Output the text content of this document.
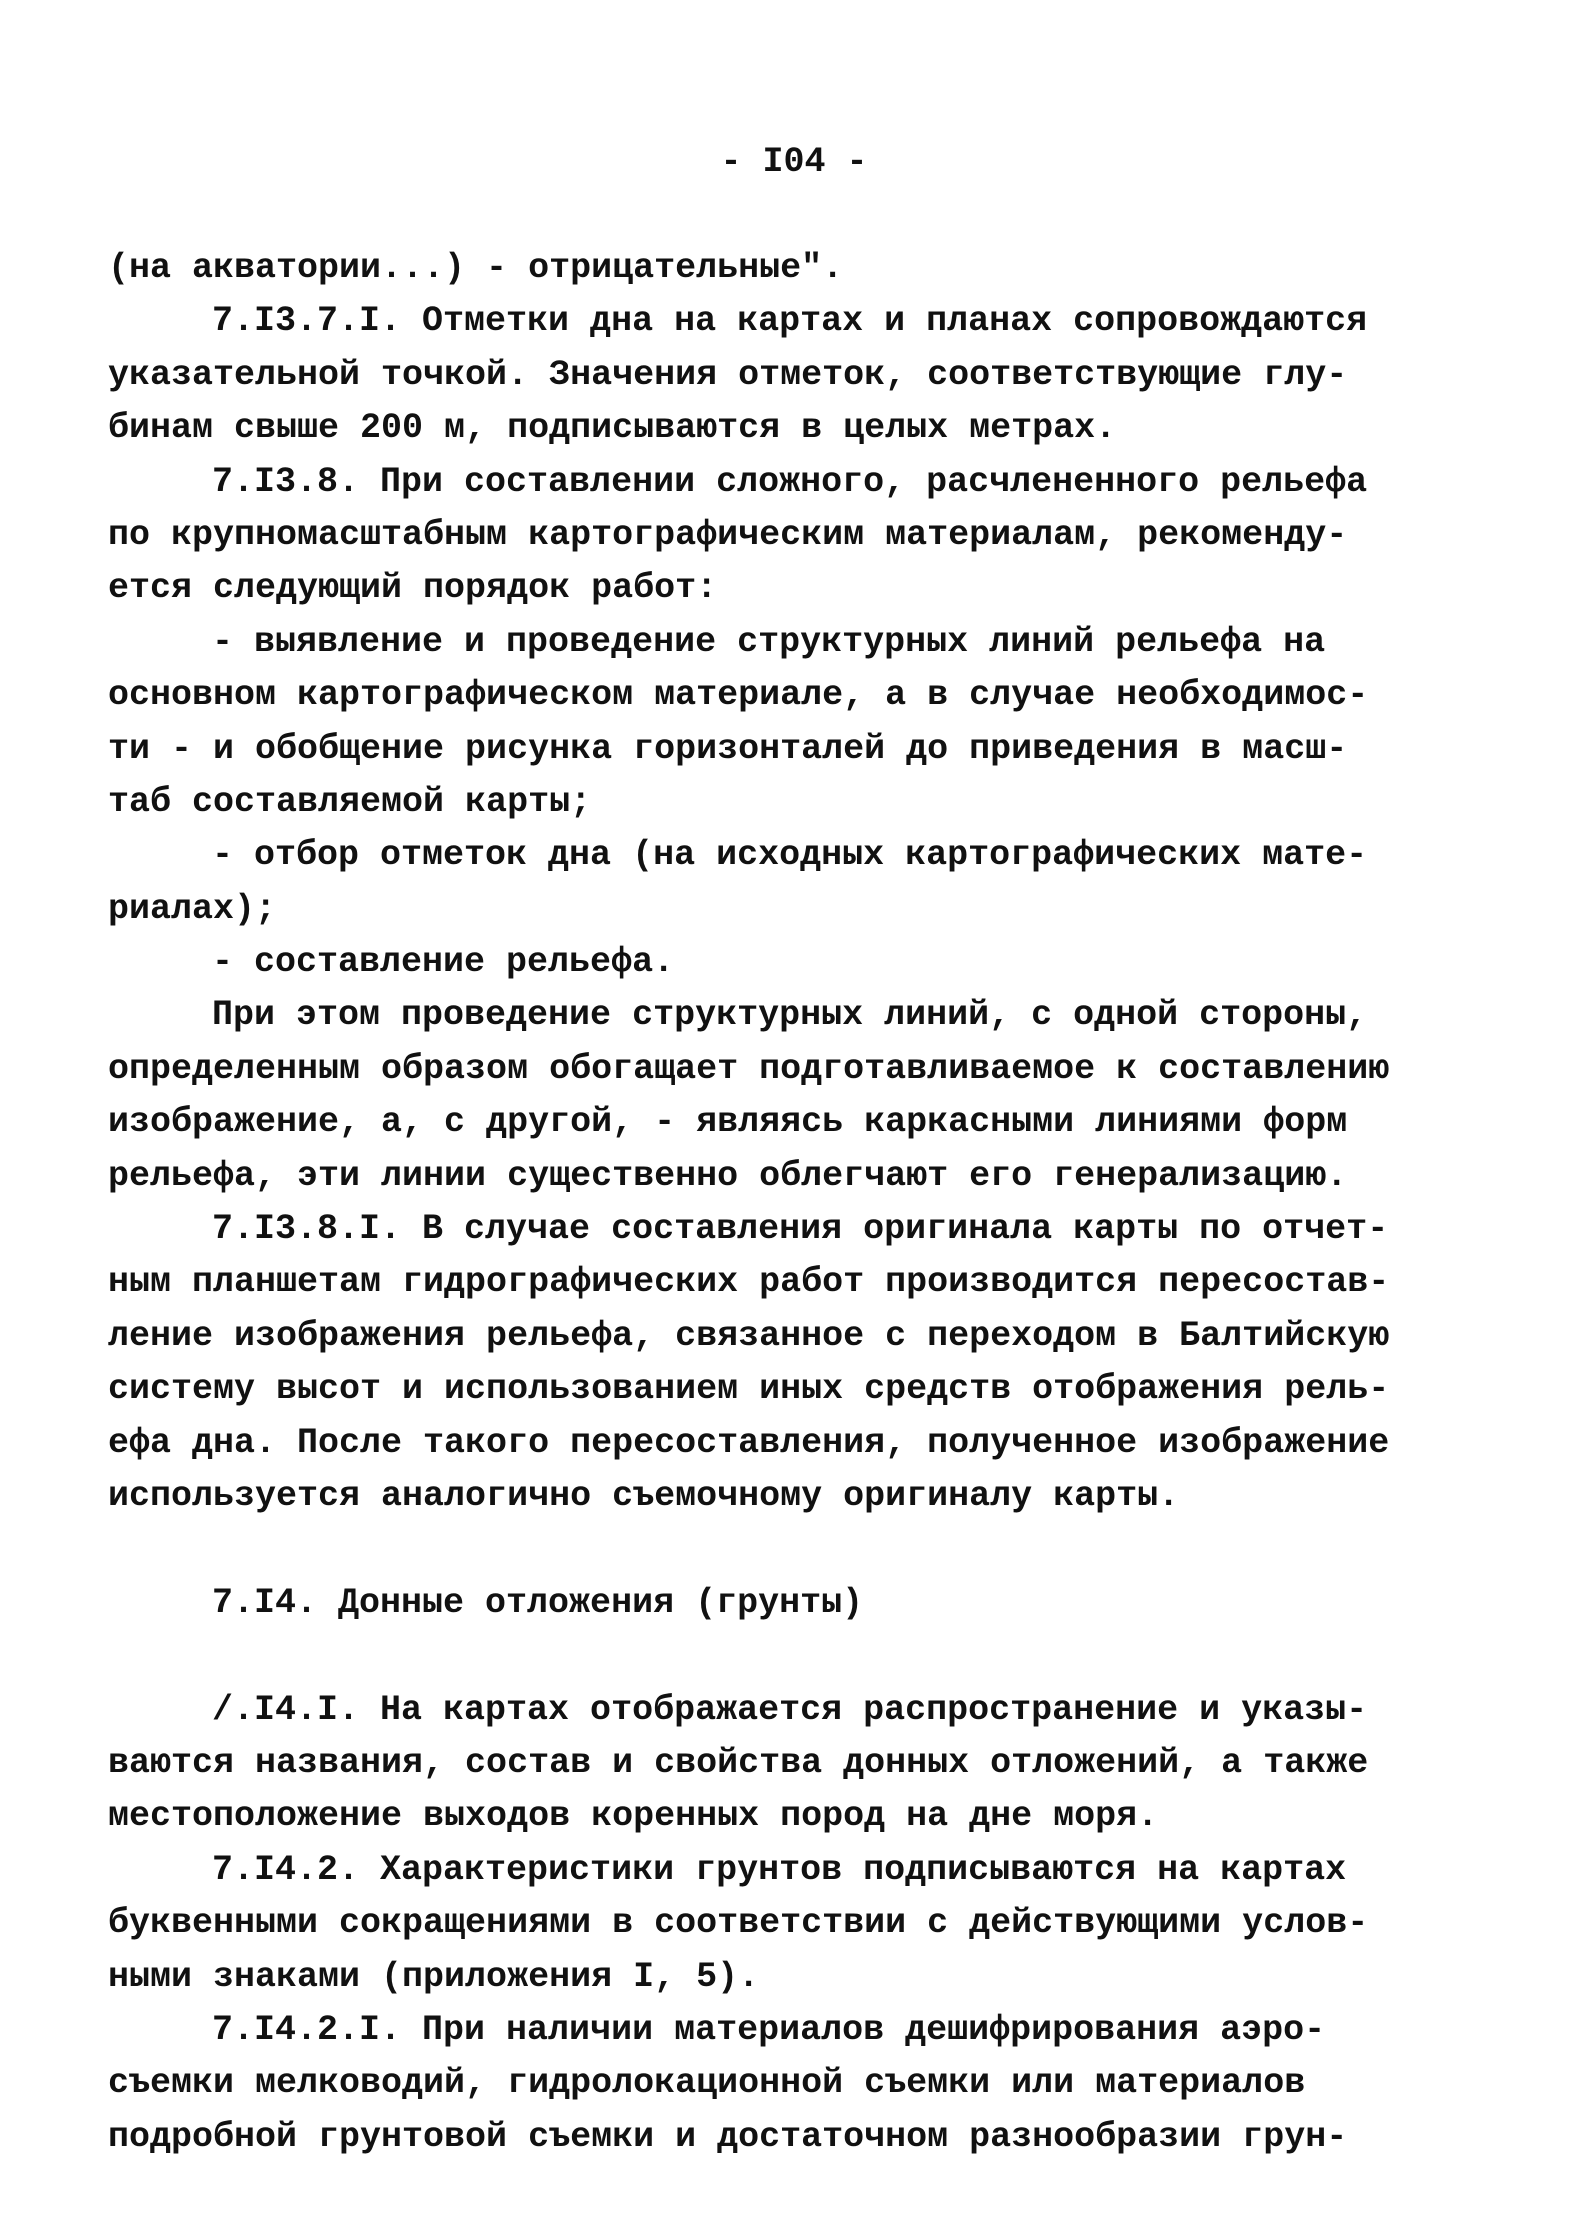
- I04 -
(на акватории...) - отрицательные".
7.I3.7.I. Отметки дна на картах и планах сопровождаются
указательной точкой. Значения отметок, соответствующие глу-
бинам свыше 200 м, подписываются в целых метрах.
7.I3.8. При составлении сложного, расчлененного рельефа
по крупномасштабным картографическим материалам, рекомендy-
ется следующий порядок работ:
- выявление и проведение структурных линий рельефа на
основном картографическом материале, а в случае необходимос-
ти - и обобщение рисунка горизонталей до приведения в масш-
таб составляемой карты;
- отбор отметок дна (на исходных картографических мате-
риалах);
- составление рельефа.
При этом проведение структурных линий, с одной стороны,
определенным образом обогащает подготавливаемое к составлению
изображение, а, с другой, - являясь каркасными линиями форм
рельефа, эти линии существенно облегчают его генерализацию.
7.I3.8.I. В случае составления оригинала карты по отчет-
ным планшетам гидрографических работ производится пересостав-
ление изображения рельефа, связанное с переходом в Балтийскую
систему высот и использованием иных средств отображения рель-
ефа дна. После такого пересоставления, полученное изображение
используется аналогично съемочному оригиналу карты.
7.I4. Донные отложения (грунты)
/.I4.I. На картах отображается распространение и указы-
ваются названия, состав и свойства донных отложений, а также
местоположение выходов коренных пород на дне моря.
7.I4.2. Характеристики грунтов подписываются на картах
буквенными сокращениями в соответствии с действующими услов-
ными знаками (приложения I, 5).
7.I4.2.I. При наличии материалов дешифрирования аэро-
съемки мелководий, гидролокационной съемки или материалов
подробной грунтовой съемки и достаточном разнообразии грун-
